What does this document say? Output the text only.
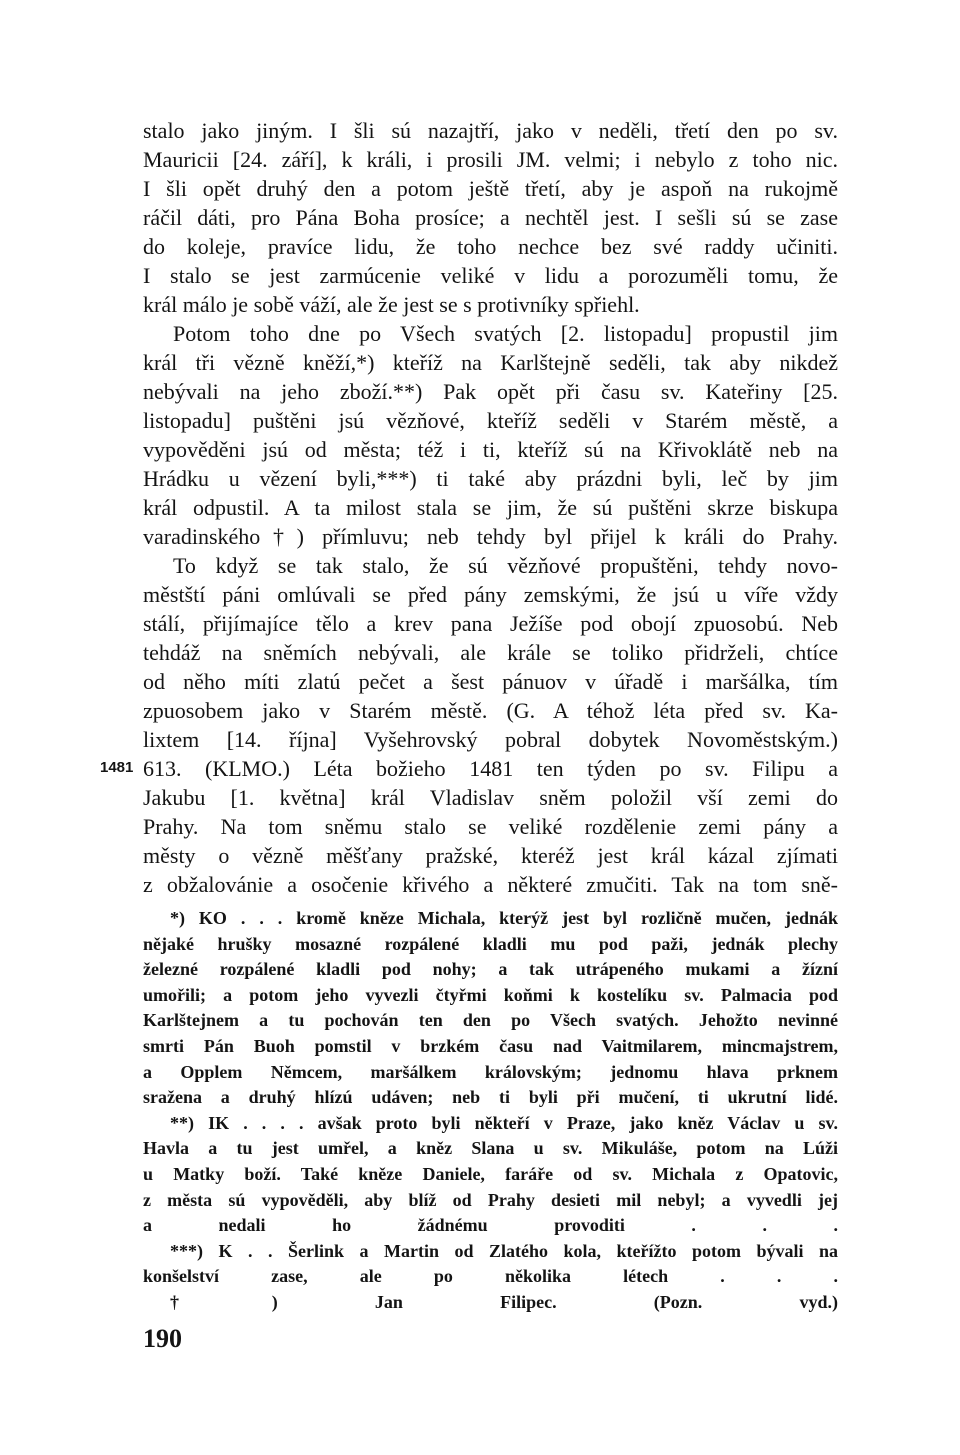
stalo jako jiným. I šli sú nazajtří, jako v neděli, třetí den po sv.
Mauricii [24. září], k králi, i prosili JM. velmi; i nebylo z toho nic.
I šli opět druhý den a potom ještě třetí, aby je aspoň na rukojmě
ráčil dáti, pro Pána Boha prosíce; a nechtěl jest. I sešli sú se zase
do koleje, pravíce lidu, že toho nechce bez své raddy učiniti.
I stalo se jest zarmúcenie veliké v lidu a porozuměli tomu, že
král málo je sobě váží, ale že jest se s protivníky spřiehl.
Potom toho dne po Všech svatých [2. listopadu] propustil jim
král tři vězně kněží,*) kteříž na Karlštejně seděli, tak aby nikdež
nebývali na jeho zboží.**) Pak opět při času sv. Kateřiny [25.
listopadu] puštěni jsú vězňové, kteříž seděli v Starém městě, a
vypověděni jsú od města; též i ti, kteříž sú na Křivoklátě neb na
Hrádku u vězení byli,***) ti také aby prázdni byli, leč by jim
král odpustil. A ta milost stala se jim, že sú puštěni skrze biskupa
varadinského†) přímluvu; neb tehdy byl přijel k králi do Prahy.
To když se tak stalo, že sú vězňové propuštěni, tehdy novo-
městští páni omlúvali se před pány zemskými, že jsú u víře vždy
stálí, přijímajíce tělo a krev pana Ježíše pod obojí zpuosobú. Neb
tehdáž na sněmích nebývali, ale krále se toliko přidrželi, chtíce
od něho míti zlatú pečet a šest pánuov v úřadě i maršálka, tím
zpuosobem jako v Starém městě. (G. A téhož léta před sv. Ka-
lixtem [14. října] Vyšehrovský pobral dobytek Novoměstským.)
613. (KLMO.) Léta božieho 1481 ten týden po sv. Filipu a
Jakubu [1. května] král Vladislav sněm položil vší zemi do
Prahy. Na tom sněmu stalo se veliké rozdělenie zemi pány a
městy o vězně měšťany pražské, kteréž jest král kázal zjímati
z obžalovánie a osočenie křivého a některé zmučiti. Tak na tom sně-
1481
*) KO . . . kromě kněze Michala, kterýž jest byl rozličně mučen, jednák
nějaké hrušky mosazné rozpálené kladli mu pod paži, jednák plechy
železné rozpálené kladli pod nohy; a tak utrápeného mukami a žízní
umořili; a potom jeho vyvezli čtyřmi koňmi k kostelíku sv. Palmacia pod
Karlštejnem a tu pochován ten den po Všech svatých. Jehožto nevinné
smrti Pán Buoh pomstil v brzkém času nad Vaitmilarem, mincmajstrem,
a Opplem Němcem, maršálkem královským; jednomu hlava prknem
sražena a druhý hlízú udáven; neb ti byli při mučení, ti ukrutní lidé.
**) IK . . . . avšak proto byli někteří v Praze, jako kněz Václav u sv.
Havla a tu jest umřel, a kněz Slana u sv. Mikuláše, potom na Lúži
u Matky boží. Také kněze Daniele, faráře od sv. Michala z Opatovic,
z města sú vypověděli, aby blíž od Prahy desieti mil nebyl; a vyvedli jej
a nedali ho žádnému provoditi . . .
***) K . . Šerlink a Martin od Zlatého kola, kteřížto potom bývali na
konšelství zase, ale po několika létech . . .
†) Jan Filipec. (Pozn. vyd.)
190
